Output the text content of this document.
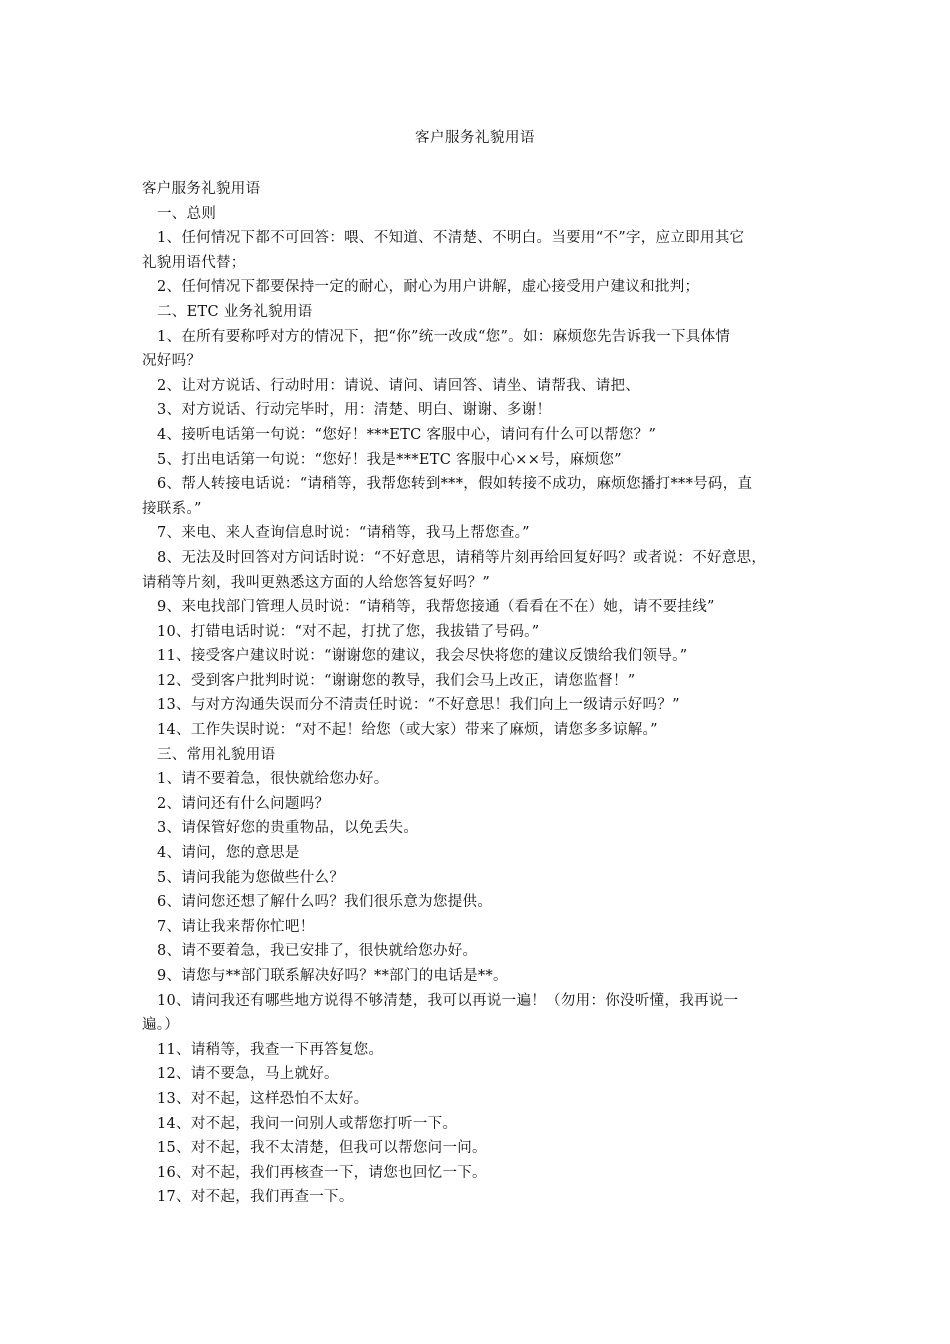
客户服务礼貌用语
客户服务礼貌用语
一、总则
1、任何情况下都不可回答：喂、不知道、不清楚、不明白。当要用“不”字，应立即用其它
礼貌用语代替；
2、任何情况下都要保持一定的耐心，耐心为用户讲解，虚心接受用户建议和批判；
二、ETC 业务礼貌用语
1、在所有要称呼对方的情况下，把“你”统一改成“您”。如：麻烦您先告诉我一下具体情
况好吗？
2、让对方说话、行动时用：请说、请问、请回答、请坐、请帮我、请把、
3、对方说话、行动完毕时，用：清楚、明白、谢谢、多谢！
4、接听电话第一句说：“您好！***ETC 客服中心，请问有什么可以帮您？”
5、打出电话第一句说：“您好！我是***ETC 客服中心××号，麻烦您”
6、帮人转接电话说：“请稍等，我帮您转到***，假如转接不成功，麻烦您播打***号码，直
接联系。”
7、来电、来人查询信息时说：“请稍等，我马上帮您查。”
8、无法及时回答对方问话时说：“不好意思，请稍等片刻再给回复好吗？或者说：不好意思，
请稍等片刻，我叫更熟悉这方面的人给您答复好吗？”
9、来电找部门管理人员时说：“请稍等，我帮您接通（看看在不在）她，请不要挂线”
10、打错电话时说：“对不起，打扰了您，我拔错了号码。”
11、接受客户建议时说：“谢谢您的建议，我会尽快将您的建议反馈给我们领导。”
12、受到客户批判时说：“谢谢您的教导，我们会马上改正，请您监督！”
13、与对方沟通失误而分不清责任时说：“不好意思！我们向上一级请示好吗？”
14、工作失误时说：“对不起！给您（或大家）带来了麻烦，请您多多谅解。”
三、常用礼貌用语
1、请不要着急，很快就给您办好。
2、请问还有什么问题吗？
3、请保管好您的贵重物品，以免丢失。
4、请问，您的意思是
5、请问我能为您做些什么？
6、请问您还想了解什么吗？我们很乐意为您提供。
7、请让我来帮你忙吧！
8、请不要着急，我已安排了，很快就给您办好。
9、请您与**部门联系解决好吗？**部门的电话是**。
10、请问我还有哪些地方说得不够清楚，我可以再说一遍！（勿用：你没听懂，我再说一
遍。）
11、请稍等，我查一下再答复您。
12、请不要急，马上就好。
13、对不起，这样恐怕不太好。
14、对不起，我问一问别人或帮您打听一下。
15、对不起，我不太清楚，但我可以帮您问一问。
16、对不起，我们再核查一下，请您也回忆一下。
17、对不起，我们再查一下。
